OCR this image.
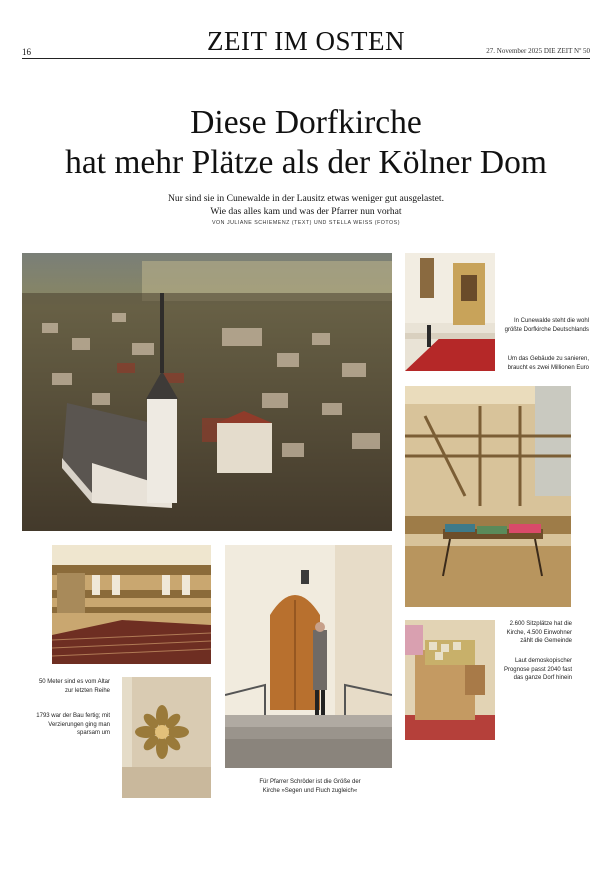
16	ZEIT IM OSTEN	27. November 2025 DIE ZEIT Nº 50
Diese Dorfkirche
hat mehr Plätze als der Kölner Dom
Nur sind sie in Cunewalde in der Lausitz etwas weniger gut ausgelastet.
Wie das alles kam und was der Pfarrer nun vorhat
VON JULIANE SCHIEMENZ (TEXT) UND STELLA WEISS (FOTOS)
In Cunewalde steht die wohl größte Dorfkirche Deutschlands
Um das Gebäude zu sanieren, braucht es zwei Millionen Euro
50 Meter sind es vom Altar zur letzten Reihe
1793 war der Bau fertig; mit Verzierungen ging man sparsam um
2.600 Sitzplätze hat die Kirche, 4.500 Einwohner zählt die Gemeinde
Laut demoskopischer Prognose passt 2040 fast das ganze Dorf hinein
Für Pfarrer Schröder ist die Größe der Kirche »Segen und Fluch zugleich«
